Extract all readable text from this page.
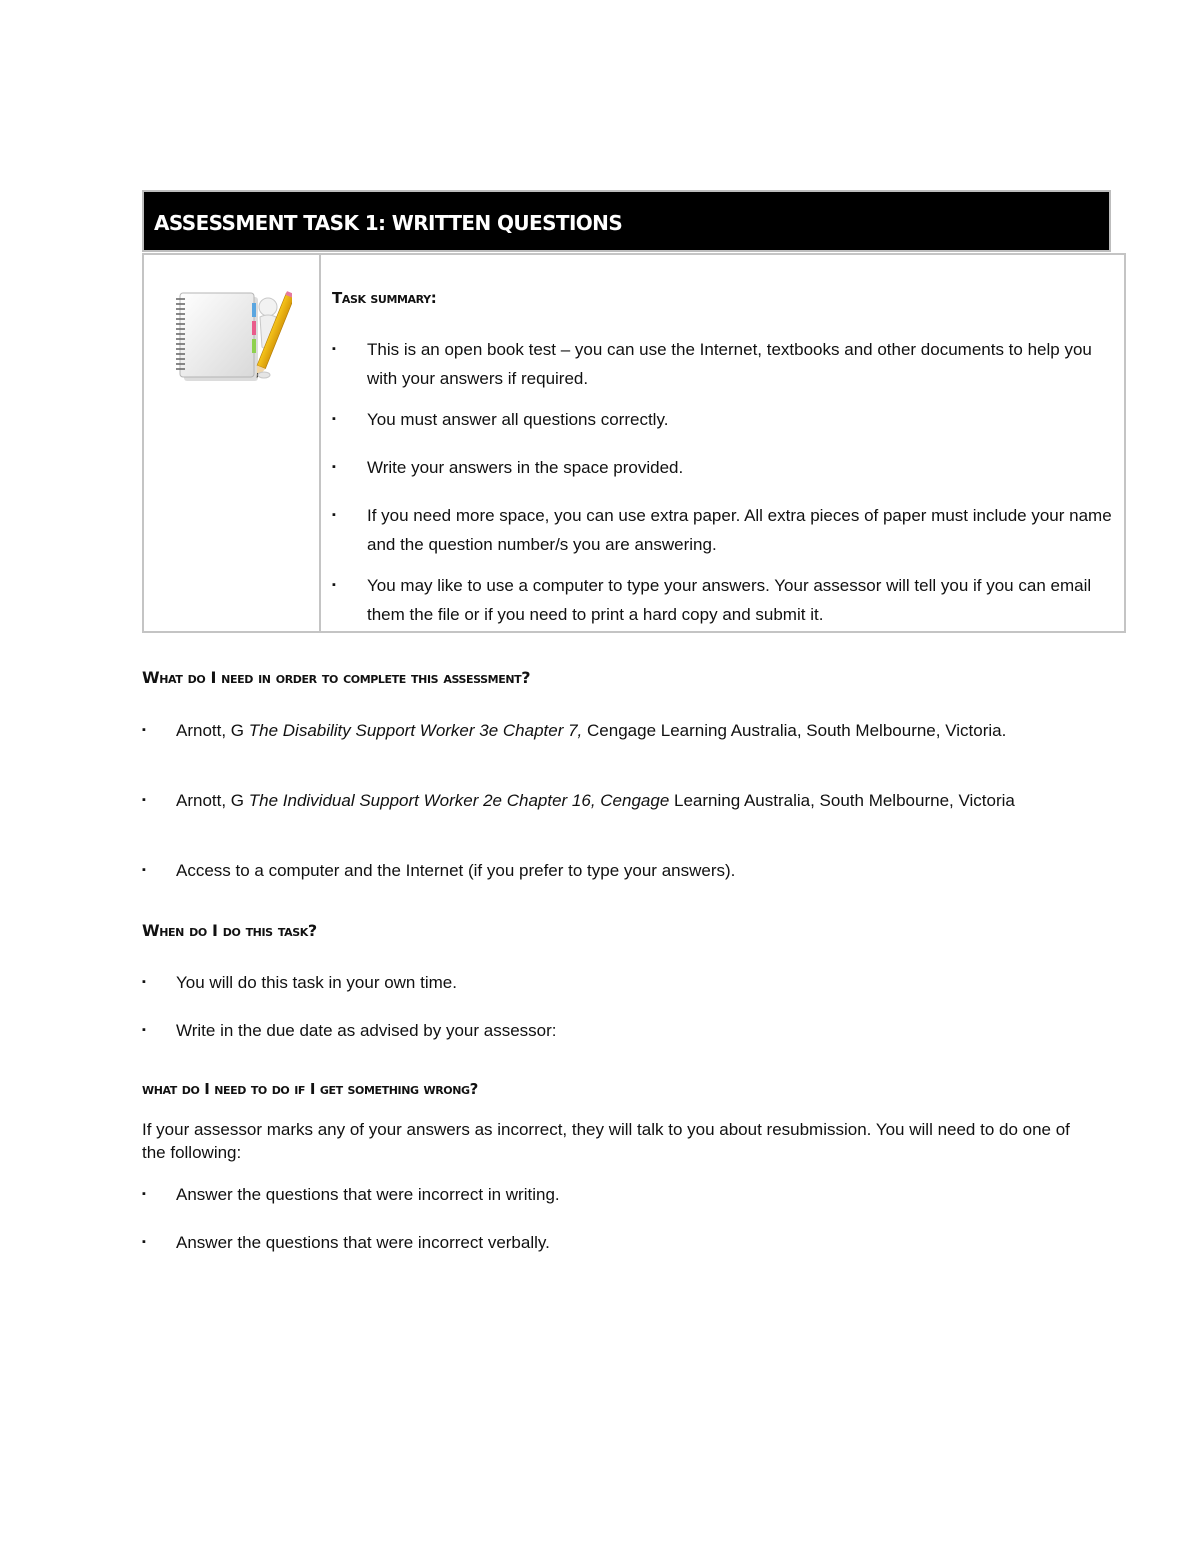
ASSESSMENT TASK 1: WRITTEN QUESTIONS
Task summary:
▪ This is an open book test – you can use the Internet, textbooks and other documents to help you with your answers if required.
▪ You must answer all questions correctly.
▪ Write your answers in the space provided.
▪ If you need more space, you can use extra paper. All extra pieces of paper must include your name and the question number/s you are answering.
▪ You may like to use a computer to type your answers. Your assessor will tell you if you can email them the file or if you need to print a hard copy and submit it.
What do I need in order to complete this assessment?
▪ Arnott, G The Disability Support Worker 3e Chapter 7, Cengage Learning Australia, South Melbourne, Victoria.
▪ Arnott, G The Individual Support Worker 2e Chapter 16, Cengage Learning Australia, South Melbourne, Victoria
▪ Access to a computer and the Internet (if you prefer to type your answers).
When do I do this task?
▪ You will do this task in your own time.
▪ Write in the due date as advised by your assessor:
what do I need to do if I get something wrong?
If your assessor marks any of your answers as incorrect, they will talk to you about resubmission. You will need to do one of the following:
▪ Answer the questions that were incorrect in writing.
▪ Answer the questions that were incorrect verbally.
